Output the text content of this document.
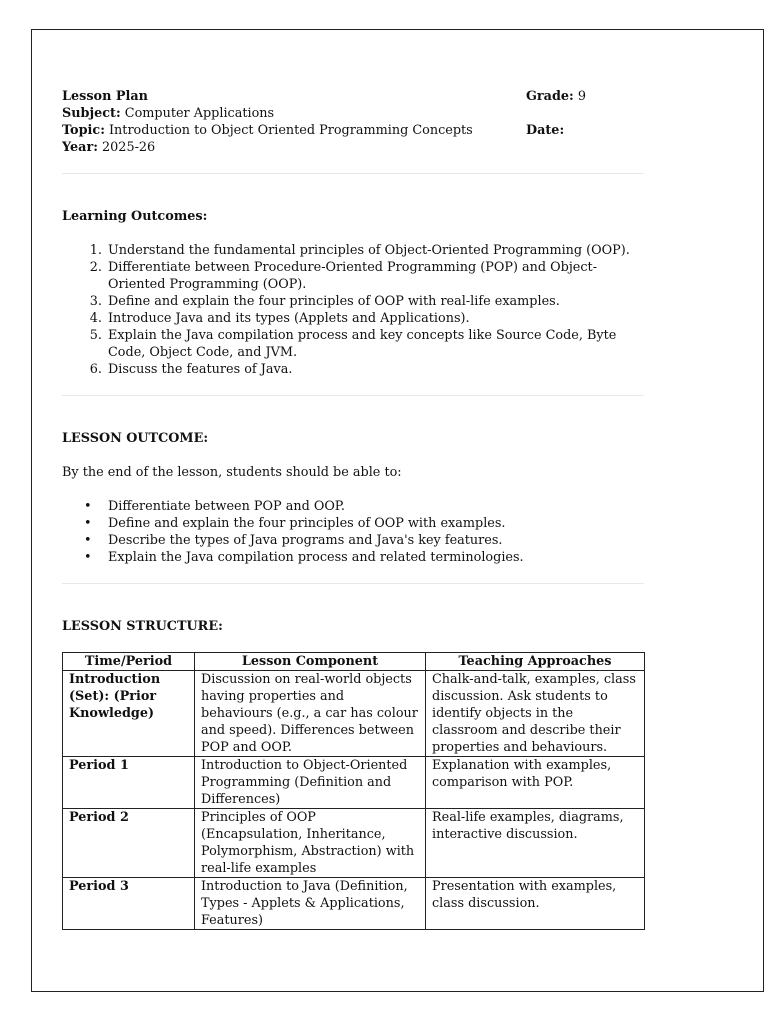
Lesson Plan	Grade: 9
Subject: Computer Applications
Topic: Introduction to Object Oriented Programming Concepts	Date:
Year: 2025-26
Learning Outcomes:
1. Understand the fundamental principles of Object-Oriented Programming (OOP).
2. Differentiate between Procedure-Oriented Programming (POP) and Object-Oriented Programming (OOP).
3. Define and explain the four principles of OOP with real-life examples.
4. Introduce Java and its types (Applets and Applications).
5. Explain the Java compilation process and key concepts like Source Code, Byte Code, Object Code, and JVM.
6. Discuss the features of Java.
LESSON OUTCOME:
By the end of the lesson, students should be able to:
• Differentiate between POP and OOP.
• Define and explain the four principles of OOP with examples.
• Describe the types of Java programs and Java's key features.
• Explain the Java compilation process and related terminologies.
LESSON STRUCTURE:
Time/Period	Lesson Component	Teaching Approaches
Introduction (Set): (Prior Knowledge)	Discussion on real-world objects having properties and behaviours (e.g., a car has colour and speed). Differences between POP and OOP.	Chalk-and-talk, examples, class discussion. Ask students to identify objects in the classroom and describe their properties and behaviours.
Period 1	Introduction to Object-Oriented Programming (Definition and Differences)	Explanation with examples, comparison with POP.
Period 2	Principles of OOP (Encapsulation, Inheritance, Polymorphism, Abstraction) with real-life examples	Real-life examples, diagrams, interactive discussion.
Period 3	Introduction to Java (Definition, Types - Applets & Applications, Features)	Presentation with examples, class discussion.
